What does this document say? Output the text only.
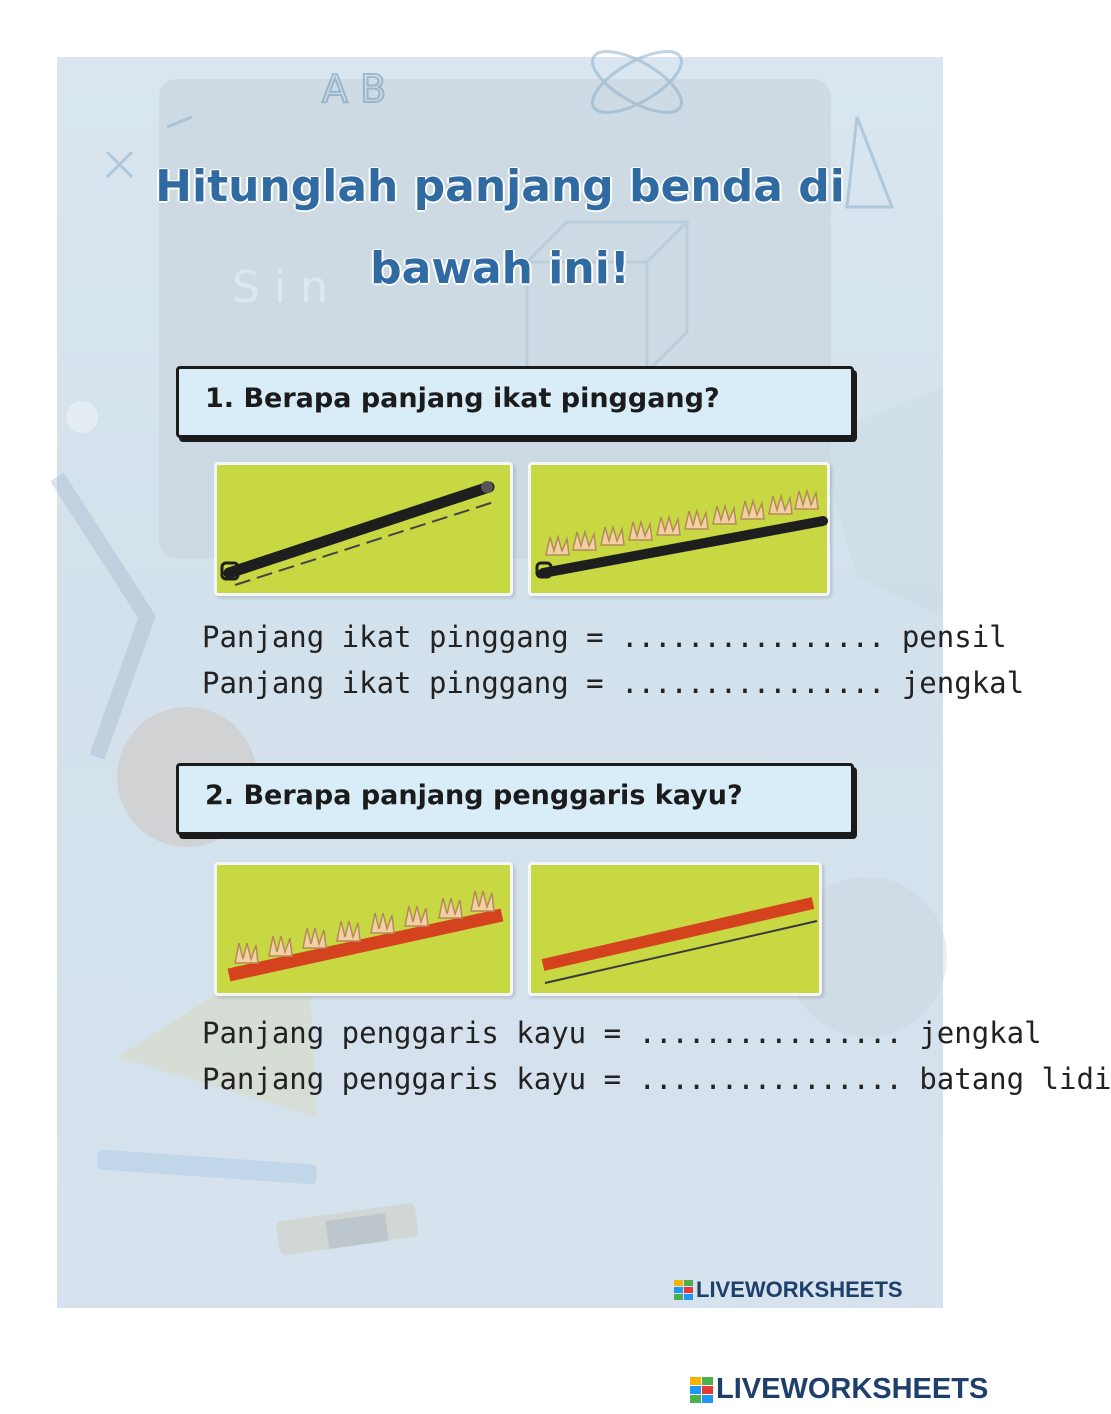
A B
S i n
Hitunglah panjang benda di
bawah ini!
1. Berapa panjang ikat pinggang?
Panjang ikat pinggang = ................ pensil
Panjang ikat pinggang = ................ jengkal
2. Berapa panjang penggaris kayu?
Panjang penggaris kayu = ................ jengkal
Panjang penggaris kayu = ................ batang lidi
LIVEWORKSHEETS
LIVEWORKSHEETS
